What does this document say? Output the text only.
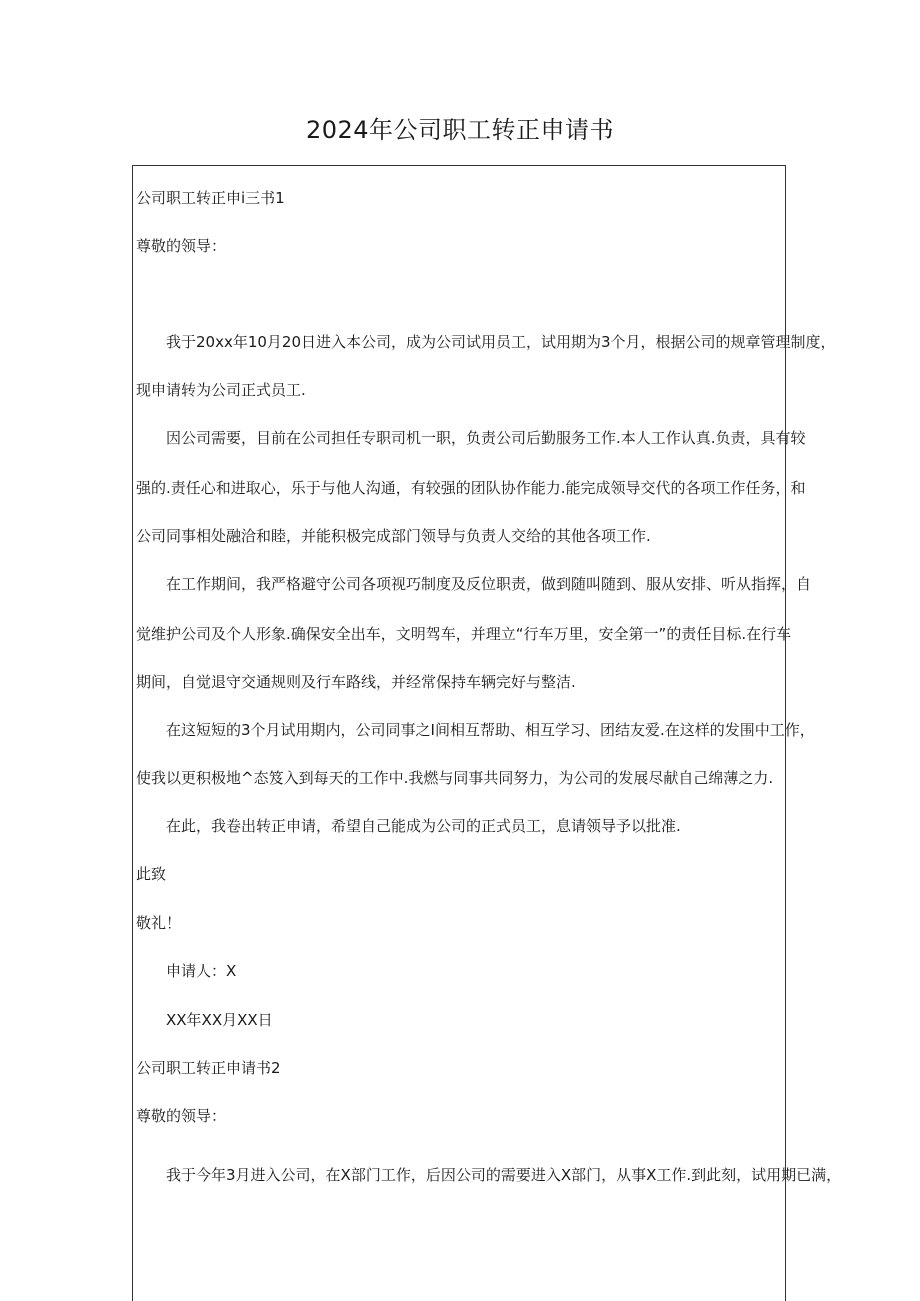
2024年公司职工转正申请书
公司职工转正申i三书1
尊敬的领导：
我于20xx年10月20日进入本公司，成为公司试用员工，试用期为3个月，根据公司的规章管理制度，
现申请转为公司正式员工.
因公司需要，目前在公司担任专职司机一职，负责公司后勤服务工作.本人工作认真.负责，具有较
强的.责任心和进取心，乐于与他人沟通，有较强的团队协作能力.能完成领导交代的各项工作任务，和
公司同事相处融洽和睦，并能积极完成部门领导与负责人交给的其他各项工作.
在工作期间，我严格避守公司各项视巧制度及反位职责，做到随叫随到、服从安排、听从指挥，自
觉维护公司及个人形象.确保安全出车，文明驾车，并理立“行车万里，安全第一”的责任目标.在行车
期间，自觉退守交通规则及行车路线，并经常保持车辆完好与整洁.
在这短短的3个月试用期内，公司同事之I间相互帮助、相互学习、团结友爱.在这样的发围中工作，
使我以更积极地^态笈入到每天的工作中.我燃与同事共同努力，为公司的发展尽献自己绵薄之力.
在此，我卷出转正申请，希望自己能成为公司的正式员工，息请领导予以批准.
此致
敬礼！
申请人：X
XX年XX月XX日
公司职工转正申请书2
尊敬的领导：
我于今年3月进入公司，在X部门工作，后因公司的需要进入X部门，从事X工作.到此刻，试用期已满，
